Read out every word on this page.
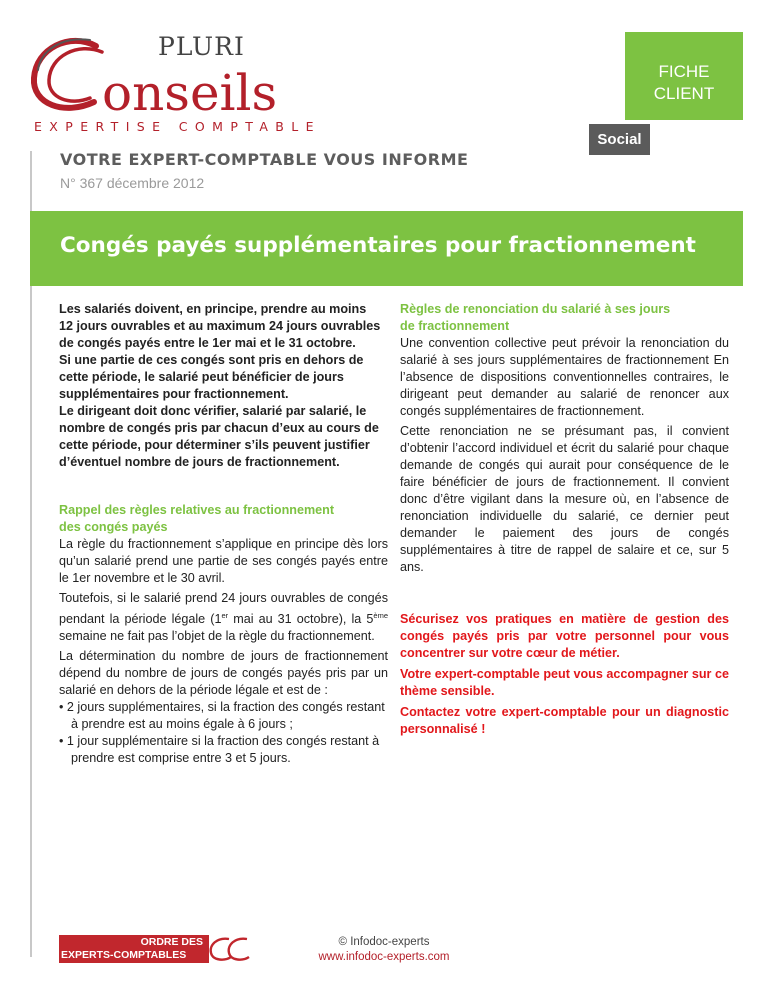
PLURI
onseils
EXPERTISE COMPTABLE
FICHE
CLIENT
Social
VOTRE EXPERT-COMPTABLE VOUS INFORME
N° 367 décembre 2012
Congés payés supplémentaires pour fractionnement

Les salariés doivent, en principe, prendre au moins
12 jours ouvrables et au maximum 24 jours ouvrables
de congés payés entre le 1er mai et le 31 octobre.
Si une partie de ces congés sont pris en dehors de
cette période, le salarié peut bénéficier de jours
supplémentaires pour fractionnement.
Le dirigeant doit donc vérifier, salarié par salarié, le
nombre de congés pris par chacun d’eux au cours de
cette période, pour déterminer s’ils peuvent justifier
d’éventuel nombre de jours de fractionnement.

Rappel des règles relatives au fractionnement
des congés payés

La règle du fractionnement s’applique en principe dès lors qu’un salarié prend une partie de ses congés payés entre le 1er novembre et le 30 avril.

Toutefois, si le salarié prend 24 jours ouvrables de congés pendant la période légale (1er mai au 31 octobre), la 5ème semaine ne fait pas l’objet de la règle du fractionnement.

La détermination du nombre de jours de fractionnement dépend du nombre de jours de congés payés pris par un salarié en dehors de la période légale et est de :

• 2 jours supplémentaires, si la fraction des congés restant à prendre est au moins égale à 6 jours ;

• 1 jour supplémentaire si la fraction des congés restant à prendre est comprise entre 3 et 5 jours.

Règles de renonciation du salarié à ses jours
de fractionnement

Une convention collective peut prévoir la renonciation du salarié à ses jours supplémentaires de fractionnement En l’absence de dispositions conventionnelles contraires, le dirigeant peut demander au salarié de renoncer aux congés supplémentaires de fractionnement.

Cette renonciation ne se présumant pas, il convient d’obtenir l’accord individuel et écrit du salarié pour chaque demande de congés qui aurait pour conséquence de le faire bénéficier de jours de fractionnement. Il convient donc d’être vigilant dans la mesure où, en l’absence de renonciation individuelle du salarié, ce dernier peut demander le paiement des jours de congés supplémentaires à titre de rappel de salaire et ce, sur 5 ans.

Sécurisez vos pratiques en matière de gestion des congés payés pris par votre personnel pour vous concentrer sur votre cœur de métier.

Votre expert-comptable peut vous accompagner sur ce thème sensible.

Contactez votre expert-comptable pour un diagnostic personnalisé !

ORDRE DES
EXPERTS-COMPTABLES
© Infodoc-experts
www.infodoc-experts.com
